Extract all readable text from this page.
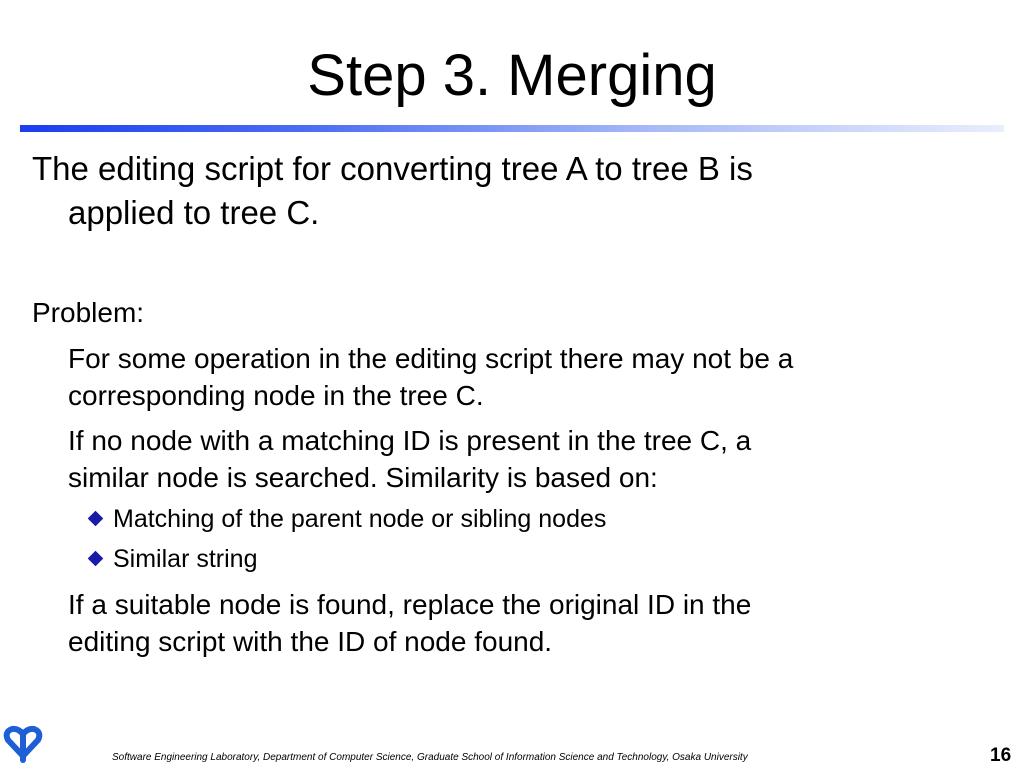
Step 3. Merging
The editing script for converting tree A to tree B is
applied to tree C.
Problem:
For some operation in the editing script there may not be a
corresponding node in the tree C.
If no node with a matching ID is present in the tree C, a
similar node is searched. Similarity is based on:
Matching of the parent node or sibling nodes
Similar string
If a suitable node is found, replace the original ID in the
editing script with the ID of node found.
Software Engineering Laboratory, Department of Computer Science, Graduate School of Information Science and Technology, Osaka University	16
